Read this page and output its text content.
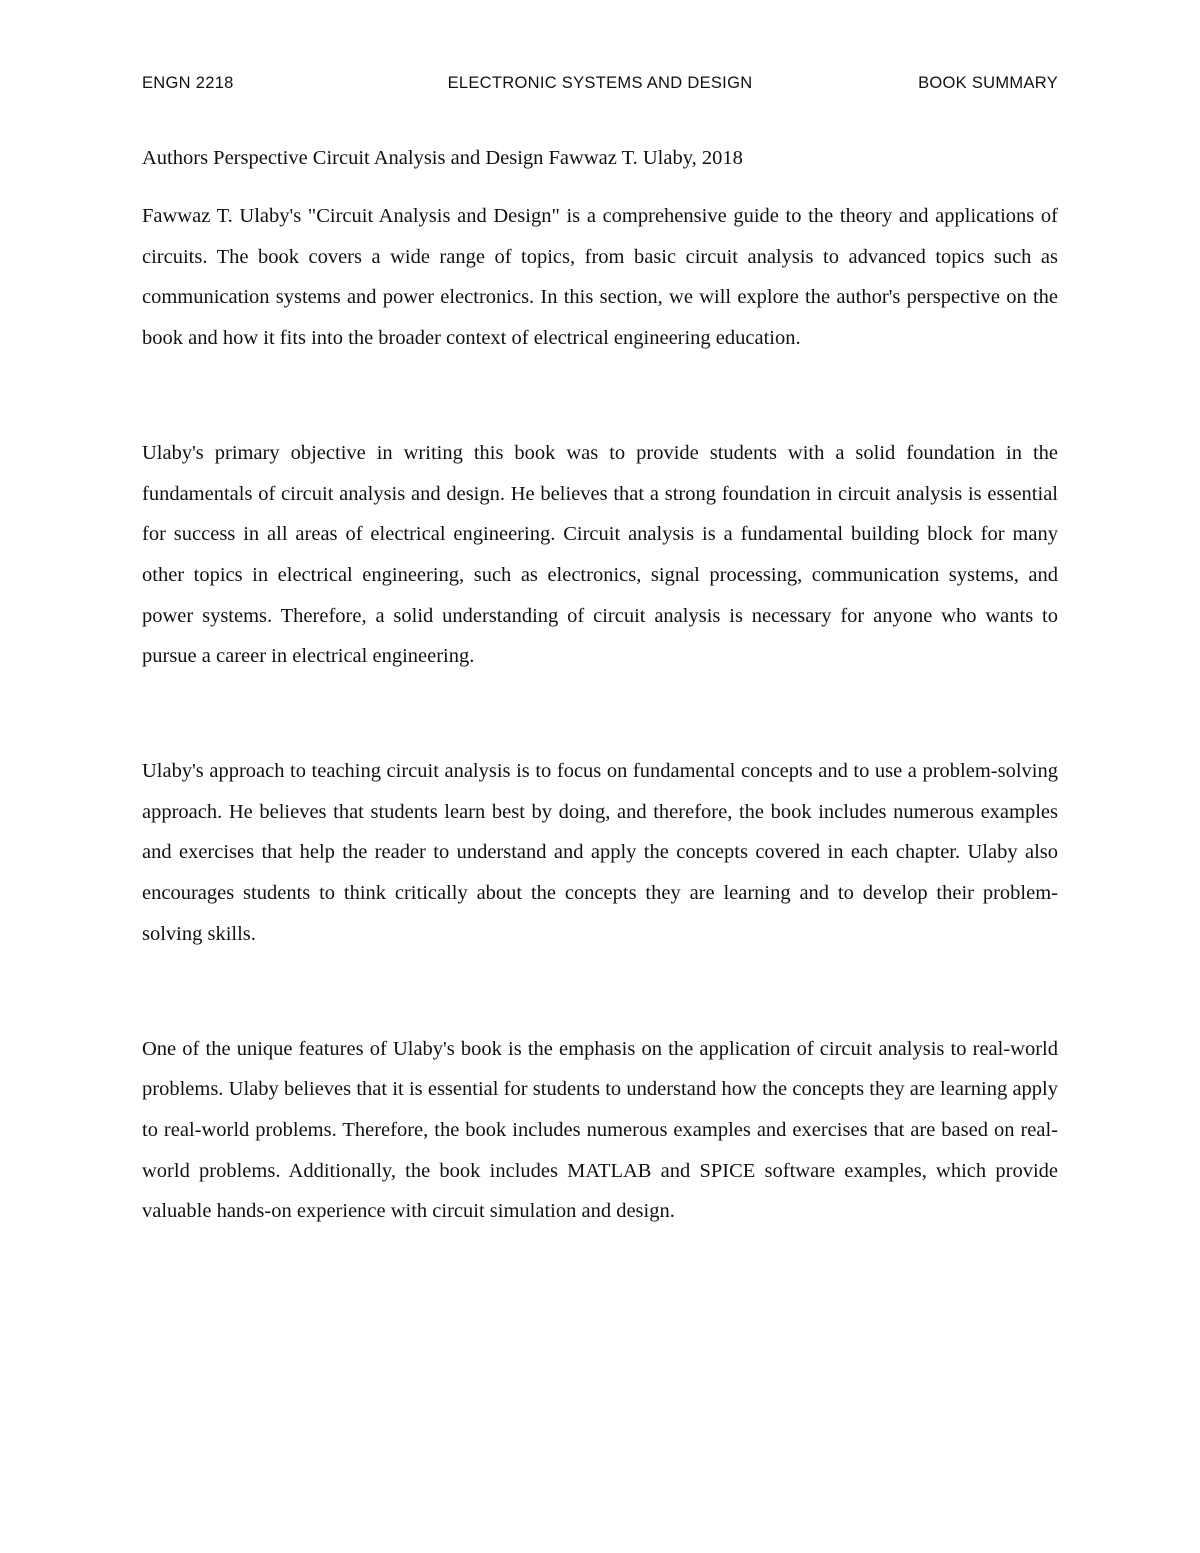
ENGN 2218	ELECTRONIC SYSTEMS AND DESIGN	BOOK SUMMARY

Authors Perspective Circuit Analysis and Design Fawwaz T. Ulaby, 2018

Fawwaz T. Ulaby's "Circuit Analysis and Design" is a comprehensive guide to the theory and applications of circuits. The book covers a wide range of topics, from basic circuit analysis to advanced topics such as communication systems and power electronics. In this section, we will explore the author's perspective on the book and how it fits into the broader context of electrical engineering education.

Ulaby's primary objective in writing this book was to provide students with a solid foundation in the fundamentals of circuit analysis and design. He believes that a strong foundation in circuit analysis is essential for success in all areas of electrical engineering. Circuit analysis is a fundamental building block for many other topics in electrical engineering, such as electronics, signal processing, communication systems, and power systems. Therefore, a solid understanding of circuit analysis is necessary for anyone who wants to pursue a career in electrical engineering.

Ulaby's approach to teaching circuit analysis is to focus on fundamental concepts and to use a problem-solving approach. He believes that students learn best by doing, and therefore, the book includes numerous examples and exercises that help the reader to understand and apply the concepts covered in each chapter. Ulaby also encourages students to think critically about the concepts they are learning and to develop their problem-solving skills.

One of the unique features of Ulaby's book is the emphasis on the application of circuit analysis to real-world problems. Ulaby believes that it is essential for students to understand how the concepts they are learning apply to real-world problems. Therefore, the book includes numerous examples and exercises that are based on real-world problems. Additionally, the book includes MATLAB and SPICE software examples, which provide valuable hands-on experience with circuit simulation and design.
